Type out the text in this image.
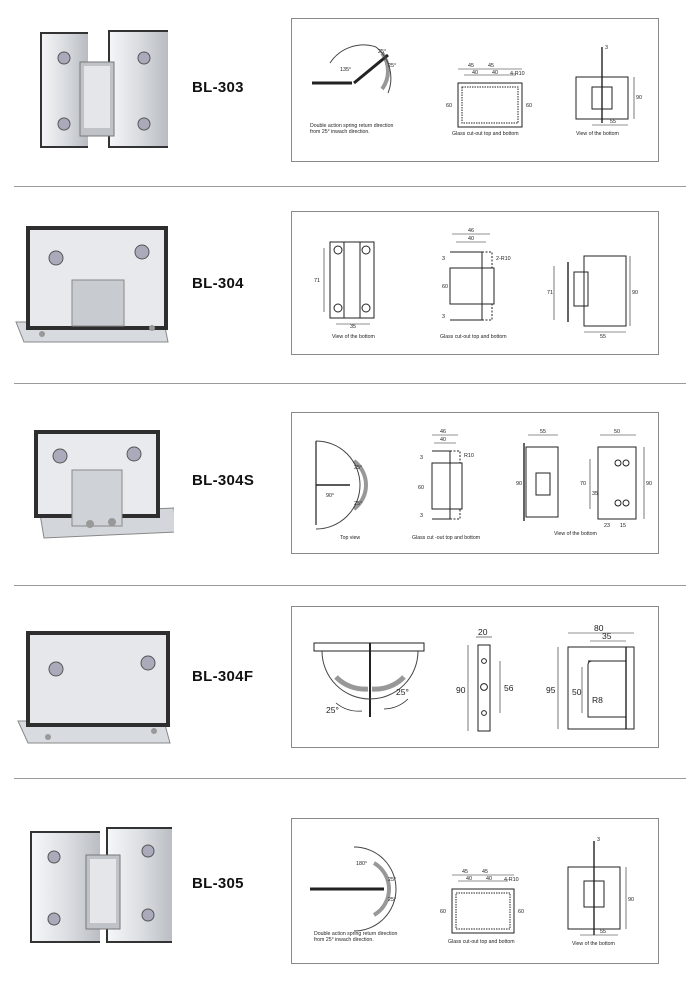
BL-303
135°
25°
25°
Double action spring return direction
from 25° inwach direction.
45	45
40	40 4-R10
60	60
Glass cut-out top and bottom
3
90
55
View of the bottom
BL-304	71
35
View of the bottom
46
40
2-R10
60
3
3
Glass cut-out top and bottom
71	90
55
BL-304S
90°
25°
25°
Top view
46
40
R10
60
3
3
Glass cut -out top and bottom
55
90
50
70
35
90
23 15
View of the bottom
BL-304F
25°
25°
20
90	56
80
35
95 50
R8
BL-305
180°
25°
25°
Double action spring return direction
from 25° inwach direction.
45	45
40	40 4-R10
60	60
Glass cut-out top and bottom
3
90
55
View of the bottom
